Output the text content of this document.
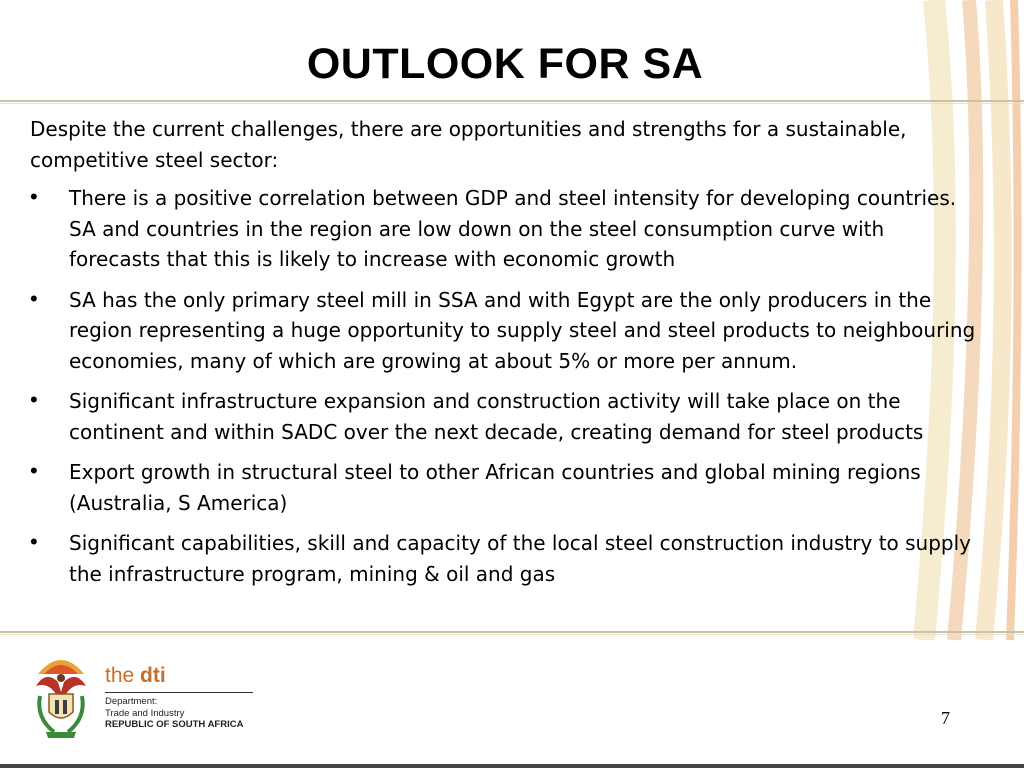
OUTLOOK FOR SA

Despite the current challenges, there are opportunities and strengths for a sustainable, competitive steel sector:

• There is a positive correlation between GDP and steel intensity for developing countries. SA and countries in the region are low down on the steel consumption curve with forecasts that this is likely to increase with economic growth
• SA has the only primary steel mill in SSA and with Egypt are the only producers in the region representing a huge opportunity to supply steel and steel products to neighbouring economies, many of which are growing at about 5% or more per annum.
• Significant infrastructure expansion and construction activity will take place on the continent and within SADC over the next decade, creating demand for steel products
• Export growth in structural steel to other African countries and global mining regions (Australia, S America)
• Significant capabilities, skill and capacity of the local steel construction industry to supply the infrastructure program, mining & oil and gas
the dti
Department:
Trade and Industry
REPUBLIC OF SOUTH AFRICA	7
